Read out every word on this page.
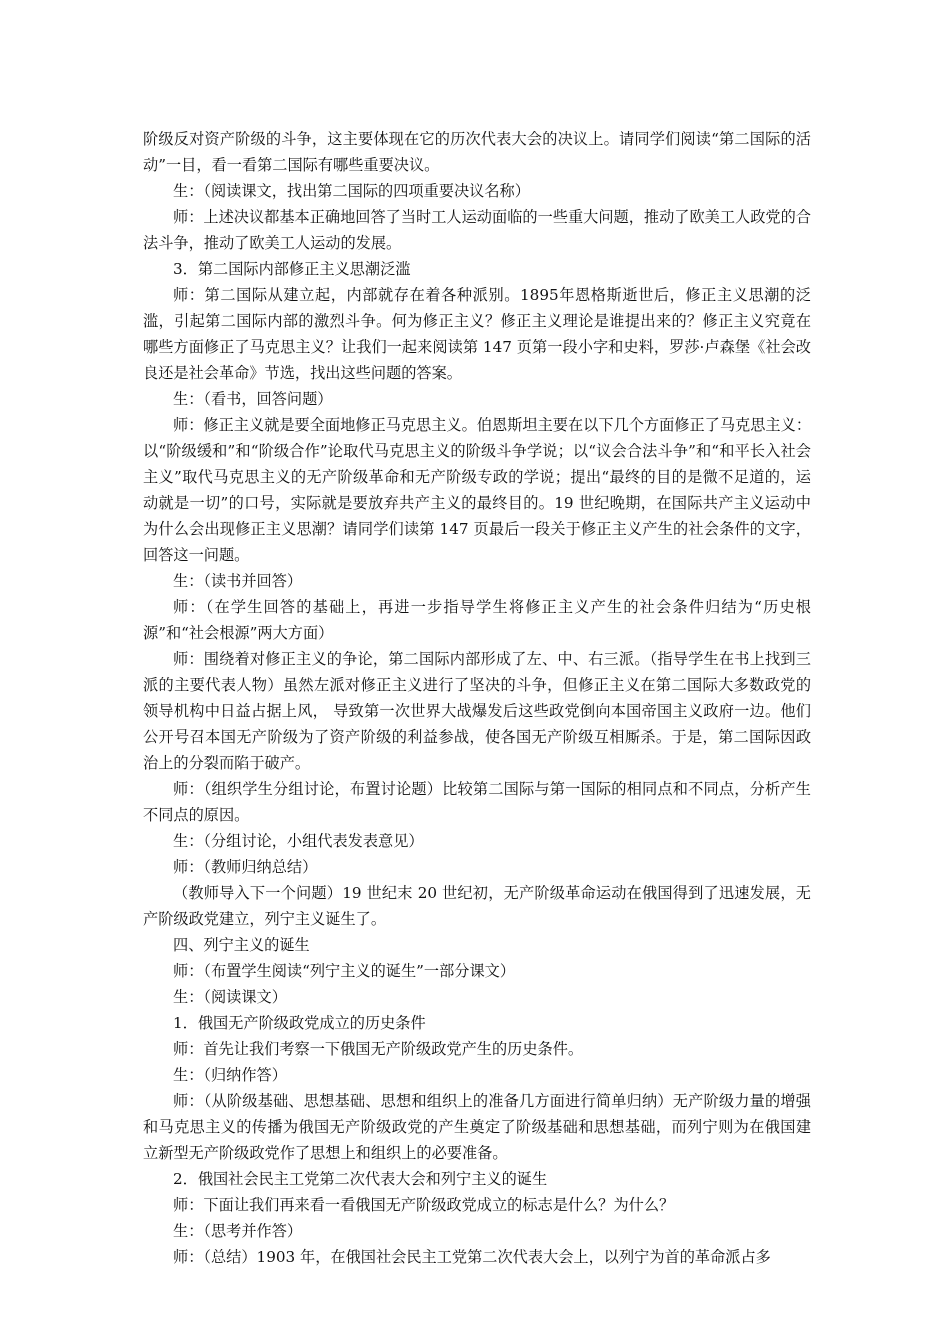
阶级反对资产阶级的斗争，这主要体现在它的历次代表大会的决议上。请同学们阅读“第二国际的活动”一目，看一看第二国际有哪些重要决议。

生：（阅读课文，找出第二国际的四项重要决议名称）

师：上述决议都基本正确地回答了当时工人运动面临的一些重大问题，推动了欧美工人政党的合法斗争，推动了欧美工人运动的发展。

3．第二国际内部修正主义思潮泛滥

师：第二国际从建立起，内部就存在着各种派别。1895年恩格斯逝世后，修正主义思潮的泛滥，引起第二国际内部的激烈斗争。何为修正主义？修正主义理论是谁提出来的？修正主义究竟在哪些方面修正了马克思主义？让我们一起来阅读第 147 页第一段小字和史料，罗莎·卢森堡《社会改良还是社会革命》节选，找出这些问题的答案。

生：（看书，回答问题）

师：修正主义就是要全面地修正马克思主义。伯恩斯坦主要在以下几个方面修正了马克思主义：以“阶级缓和”和“阶级合作”论取代马克思主义的阶级斗争学说；以“议会合法斗争”和“和平长入社会主义”取代马克思主义的无产阶级革命和无产阶级专政的学说；提出“最终的目的是微不足道的，运动就是一切”的口号，实际就是要放弃共产主义的最终目的。19 世纪晚期，在国际共产主义运动中为什么会出现修正主义思潮？请同学们读第 147 页最后一段关于修正主义产生的社会条件的文字，回答这一问题。

生：（读书并回答）

师：（在学生回答的基础上，再进一步指导学生将修正主义产生的社会条件归结为“历史根源”和“社会根源”两大方面）

师：围绕着对修正主义的争论，第二国际内部形成了左、中、右三派。（指导学生在书上找到三派的主要代表人物）虽然左派对修正主义进行了坚决的斗争，但修正主义在第二国际大多数政党的领导机构中日益占据上风， 导致第一次世界大战爆发后这些政党倒向本国帝国主义政府一边。他们公开号召本国无产阶级为了资产阶级的利益参战，使各国无产阶级互相厮杀。于是，第二国际因政治上的分裂而陷于破产。

师：（组织学生分组讨论，布置讨论题）比较第二国际与第一国际的相同点和不同点，分析产生不同点的原因。

生：（分组讨论，小组代表发表意见）

师：（教师归纳总结）

（教师导入下一个问题）19 世纪末 20 世纪初，无产阶级革命运动在俄国得到了迅速发展，无产阶级政党建立，列宁主义诞生了。

四、列宁主义的诞生

师：（布置学生阅读“列宁主义的诞生”一部分课文）

生：（阅读课文）

1．俄国无产阶级政党成立的历史条件

师：首先让我们考察一下俄国无产阶级政党产生的历史条件。

生：（归纳作答）

师：（从阶级基础、思想基础、思想和组织上的准备几方面进行简单归纳）无产阶级力量的增强和马克思主义的传播为俄国无产阶级政党的产生奠定了阶级基础和思想基础，而列宁则为在俄国建立新型无产阶级政党作了思想上和组织上的必要准备。

2．俄国社会民主工党第二次代表大会和列宁主义的诞生

师：下面让我们再来看一看俄国无产阶级政党成立的标志是什么？为什么？

生：（思考并作答）

师：（总结）1903 年，在俄国社会民主工党第二次代表大会上，以列宁为首的革命派占多
